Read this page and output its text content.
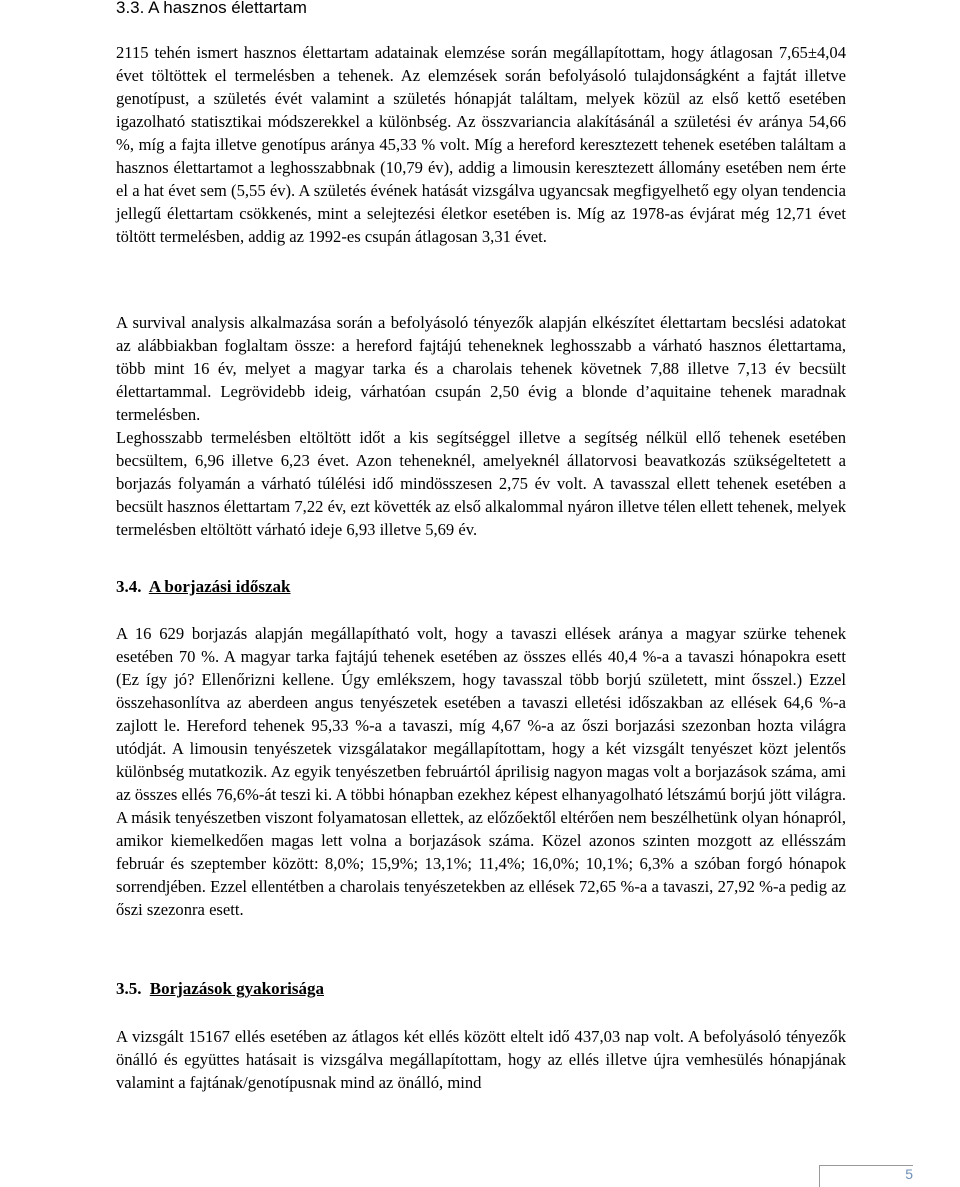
3.3. A hasznos élettartam

2115 tehén ismert hasznos élettartam adatainak elemzése során megállapítottam, hogy átlagosan 7,65±4,04 évet töltöttek el termelésben a tehenek. Az elemzések során befolyásoló tulajdonságként a fajtát illetve genotípust, a születés évét valamint a születés hónapját találtam, melyek közül az első kettő esetében igazolható statisztikai módszerekkel a különbség. Az összvariancia alakításánál a születési év aránya 54,66 %, míg a fajta illetve genotípus aránya 45,33 % volt. Míg a hereford keresztezett tehenek esetében találtam a hasznos élettartamot a leghosszabbnak (10,79 év), addig a limousin keresztezett állomány esetében nem érte el a hat évet sem (5,55 év). A születés évének hatását vizsgálva ugyancsak megfigyelhető egy olyan tendencia jellegű élettartam csökkenés, mint a selejtezési életkor esetében is. Míg az 1978-as évjárat még 12,71 évet töltött termelésben, addig az 1992-es csupán átlagosan 3,31 évet.

A survival analysis alkalmazása során a befolyásoló tényezők alapján elkészítet élettartam becslési adatokat az alábbiakban foglaltam össze: a hereford fajtájú teheneknek leghosszabb a várható hasznos élettartama, több mint 16 év, melyet a magyar tarka és a charolais tehenek követnek 7,88 illetve 7,13 év becsült élettartammal. Legrövidebb ideig, várhatóan csupán 2,50 évig a blonde d’aquitaine tehenek maradnak termelésben.

Leghosszabb termelésben eltöltött időt a kis segítséggel illetve a segítség nélkül ellő tehenek esetében becsültem, 6,96 illetve 6,23 évet. Azon teheneknél, amelyeknél állatorvosi beavatkozás szükségeltetett a borjazás folyamán a várható túlélési idő mindösszesen 2,75 év volt. A tavasszal ellett tehenek esetében a becsült hasznos élettartam 7,22 év, ezt követték az első alkalommal nyáron illetve télen ellett tehenek, melyek termelésben eltöltött várható ideje 6,93 illetve 5,69 év.

3.4. A borjazási időszak

A 16 629 borjazás alapján megállapítható volt, hogy a tavaszi ellések aránya a magyar szürke tehenek esetében 70 %. A magyar tarka fajtájú tehenek esetében az összes ellés 40,4 %-a a tavaszi hónapokra esett (Ez így jó? Ellenőrizni kellene. Úgy emlékszem, hogy tavasszal több borjú született, mint ősszel.) Ezzel összehasonlítva az aberdeen angus tenyészetek esetében a tavaszi elletési időszakban az ellések 64,6 %-a zajlott le. Hereford tehenek 95,33 %-a a tavaszi, míg 4,67 %-a az őszi borjazási szezonban hozta világra utódját. A limousin tenyészetek vizsgálatakor megállapítottam, hogy a két vizsgált tenyészet közt jelentős különbség mutatkozik. Az egyik tenyészetben februártól áprilisig nagyon magas volt a borjazások száma, ami az összes ellés 76,6%-át teszi ki. A többi hónapban ezekhez képest elhanyagolható létszámú borjú jött világra. A másik tenyészetben viszont folyamatosan ellettek, az előzőektől eltérően nem beszélhetünk olyan hónapról, amikor kiemelkedően magas lett volna a borjazások száma. Közel azonos szinten mozgott az ellésszám február és szeptember között: 8,0%; 15,9%; 13,1%; 11,4%; 16,0%; 10,1%; 6,3% a szóban forgó hónapok sorrendjében. Ezzel ellentétben a charolais tenyészetekben az ellések 72,65 %-a a tavaszi, 27,92 %-a pedig az őszi szezonra esett.

3.5. Borjazások gyakorisága

A vizsgált 15167 ellés esetében az átlagos két ellés között eltelt idő 437,03 nap volt. A befolyásoló tényezők önálló és együttes hatásait is vizsgálva megállapítottam, hogy az ellés illetve újra vemhesülés hónapjának valamint a fajtának/genotípusnak mind az önálló, mind

5
